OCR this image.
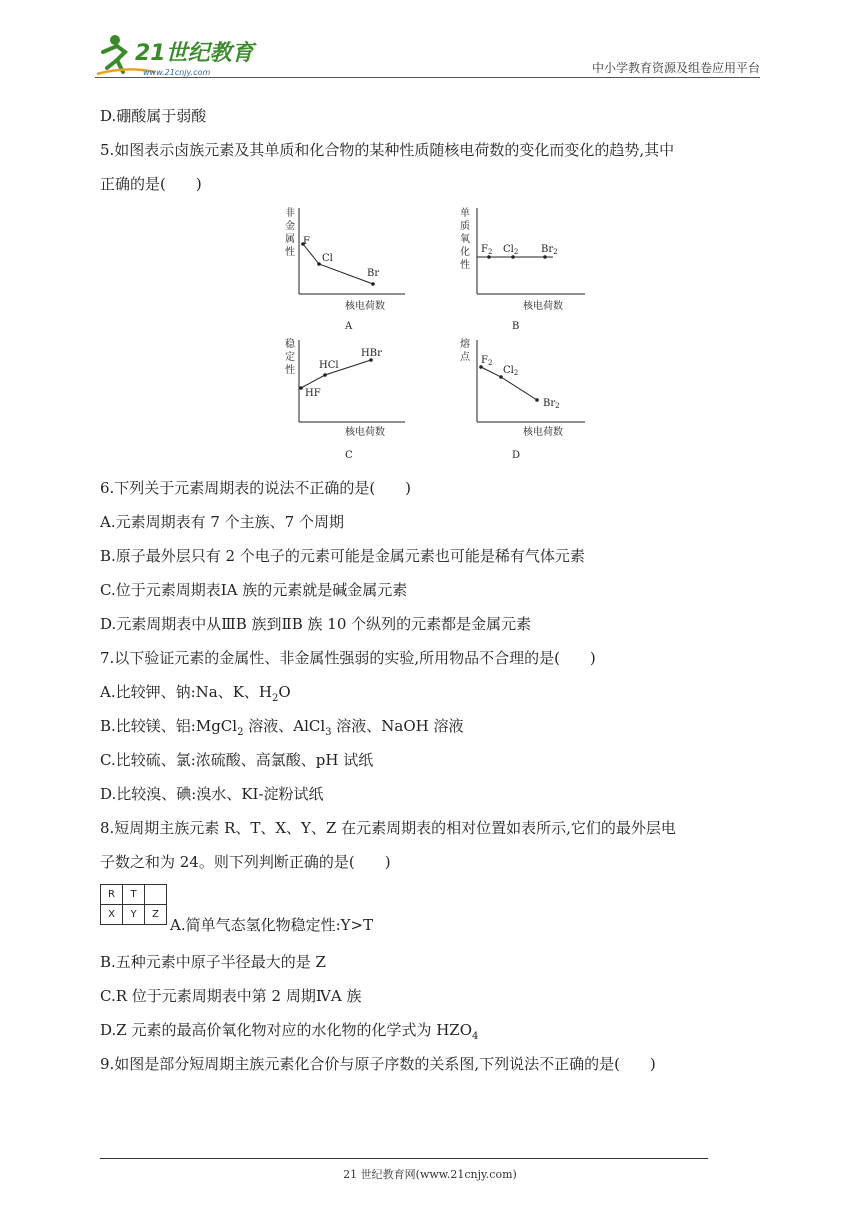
21世纪教育
www.21cnjy.com	中小学教育资源及组卷应用平台
D.硼酸属于弱酸
5.如图表示卤族元素及其单质和化合物的某种性质随核电荷数的变化而变化的趋势,其中
正确的是(　　)
非
金
属
性
F
Cl
Br
核电荷数
A
单
质
氧
化
性
$F_2$ $Cl_2$ $Br_2$
核电荷数
B
稳
定
性
HF
HCl
HBr
核电荷数
C
熔
点 $F_2$
$Cl_2$
$Br_2$
核电荷数
D
6.下列关于元素周期表的说法不正确的是(　　)
A.元素周期表有 7 个主族、7 个周期
B.原子最外层只有 2 个电子的元素可能是金属元素也可能是稀有气体元素
C.位于元素周期表ⅠA 族的元素就是碱金属元素
D.元素周期表中从ⅢB 族到ⅡB 族 10 个纵列的元素都是金属元素
7.以下验证元素的金属性、非金属性强弱的实验,所用物品不合理的是(　　)
A.比较钾、钠:Na、K、$H_2O$
B.比较镁、铝:MgCl$_2$ 溶液、AlCl$_3$ 溶液、NaOH 溶液
C.比较硫、氯:浓硫酸、高氯酸、pH 试纸
D.比较溴、碘:溴水、KI-淀粉试纸
8.短周期主族元素 R、T、X、Y、Z 在元素周期表的相对位置如表所示,它们的最外层电
子数之和为 24。则下列判断正确的是(　　)
R	T	
X	Y	Z
A.简单气态氢化物稳定性:Y>T
B.五种元素中原子半径最大的是 Z
C.R 位于元素周期表中第 2 周期ⅣA 族
D.Z 元素的最高价氧化物对应的水化物的化学式为 $HZO_4$
9.如图是部分短周期主族元素化合价与原子序数的关系图,下列说法不正确的是(　　)
21 世纪教育网(www.21cnjy.com)
